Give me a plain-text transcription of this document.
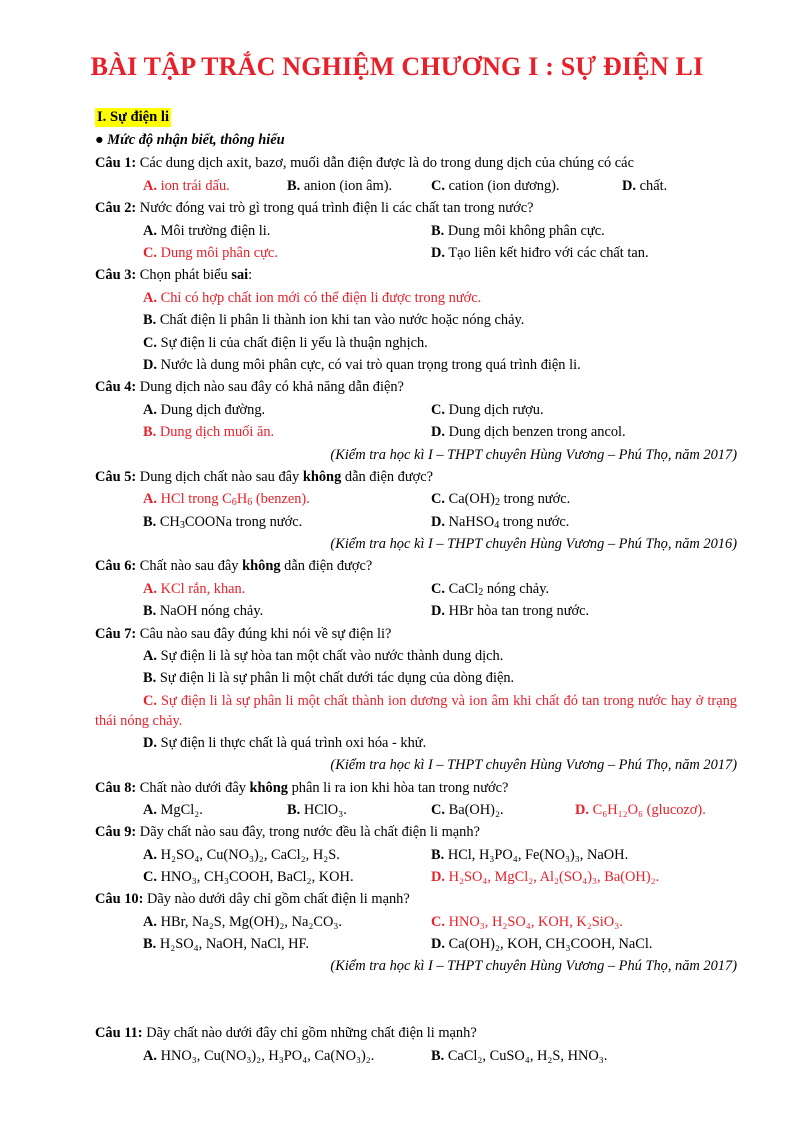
BÀI TẬP TRẮC NGHIỆM CHƯƠNG I : SỰ ĐIỆN LI
I. Sự điện li
● Mức độ nhận biết, thông hiểu
Câu 1: Các dung dịch axit, bazơ, muối dẫn điện được là do trong dung dịch của chúng có các
A. ion trái dấu.	B. anion (ion âm).	C. cation (ion dương).	D. chất.
Câu 2: Nước đóng vai trò gì trong quá trình điện li các chất tan trong nước?
A. Môi trường điện li.	B. Dung môi không phân cực.
C. Dung môi phân cực.	D. Tạo liên kết hiđro với các chất tan.
Câu 3: Chọn phát biểu sai:
A. Chỉ có hợp chất ion mới có thể điện li được trong nước.
B. Chất điện li phân li thành ion khi tan vào nước hoặc nóng chảy.
C. Sự điện li của chất điện li yếu là thuận nghịch.
D. Nước là dung môi phân cực, có vai trò quan trọng trong quá trình điện li.
Câu 4: Dung dịch nào sau đây có khả năng dẫn điện?
A. Dung dịch đường.	C. Dung dịch rượu.
B. Dung dịch muối ăn.	D. Dung dịch benzen trong ancol.
(Kiểm tra học kì I – THPT chuyên Hùng Vương – Phú Thọ, năm 2017)
Câu 5: Dung dịch chất nào sau đây không dẫn điện được?
A. HCl trong $C_6H_6$ (benzen).	C. $Ca(OH)_2$ trong nước.
B. $CH_3COONa$ trong nước.	D. NaHSO$_4$ trong nước.
(Kiểm tra học kì I – THPT chuyên Hùng Vương – Phú Thọ, năm 2016)
Câu 6: Chất nào sau đây không dẫn điện được?
A. KCl rắn, khan.	C. CaCl$_2$ nóng chảy.
B. NaOH nóng chảy.	D. HBr hòa tan trong nước.
Câu 7: Câu nào sau đây đúng khi nói về sự điện li?
A. Sự điện li là sự hòa tan một chất vào nước thành dung dịch.
B. Sự điện li là sự phân li một chất dưới tác dụng của dòng điện.
C. Sự điện li là sự phân li một chất thành ion dương và ion âm khi chất đó tan trong nước hay ở trạng thái nóng chảy.
D. Sự điện li thực chất là quá trình oxi hóa - khử.
(Kiểm tra học kì I – THPT chuyên Hùng Vương – Phú Thọ, năm 2017)
Câu 8: Chất nào dưới đây không phân li ra ion khi hòa tan trong nước?
A. MgCl₂.	B. HClO₃.	C. Ba(OH)₂.	D. C₆H₁₂O₆ (glucozơ).
Câu 9: Dãy chất nào sau đây, trong nước đều là chất điện li mạnh?
A. H₂SO₄, Cu(NO₃)₂, CaCl₂, H₂S.	B. HCl, H₃PO₄, Fe(NO₃)₃, NaOH.
C. HNO₃, CH₃COOH, BaCl₂, KOH.	D. H₂SO₄, MgCl₂, Al₂(SO₄)₃, Ba(OH)₂.
Câu 10: Dãy nào dưới dây chỉ gồm chất điện li mạnh?
A. HBr, Na₂S, Mg(OH)₂, Na₂CO₃.	C. HNO₃, H₂SO₄, KOH, K₂SiO₃.
B. H₂SO₄, NaOH, NaCl, HF.	D. Ca(OH)₂, KOH, CH₃COOH, NaCl.
(Kiểm tra học kì I – THPT chuyên Hùng Vương – Phú Thọ, năm 2017)
Câu 11: Dãy chất nào dưới đây chỉ gồm những chất điện li mạnh?
A. HNO₃, Cu(NO₃)₂, H₃PO₄, Ca(NO₃)₂.	B. CaCl₂, CuSO₄, H₂S, HNO₃.
